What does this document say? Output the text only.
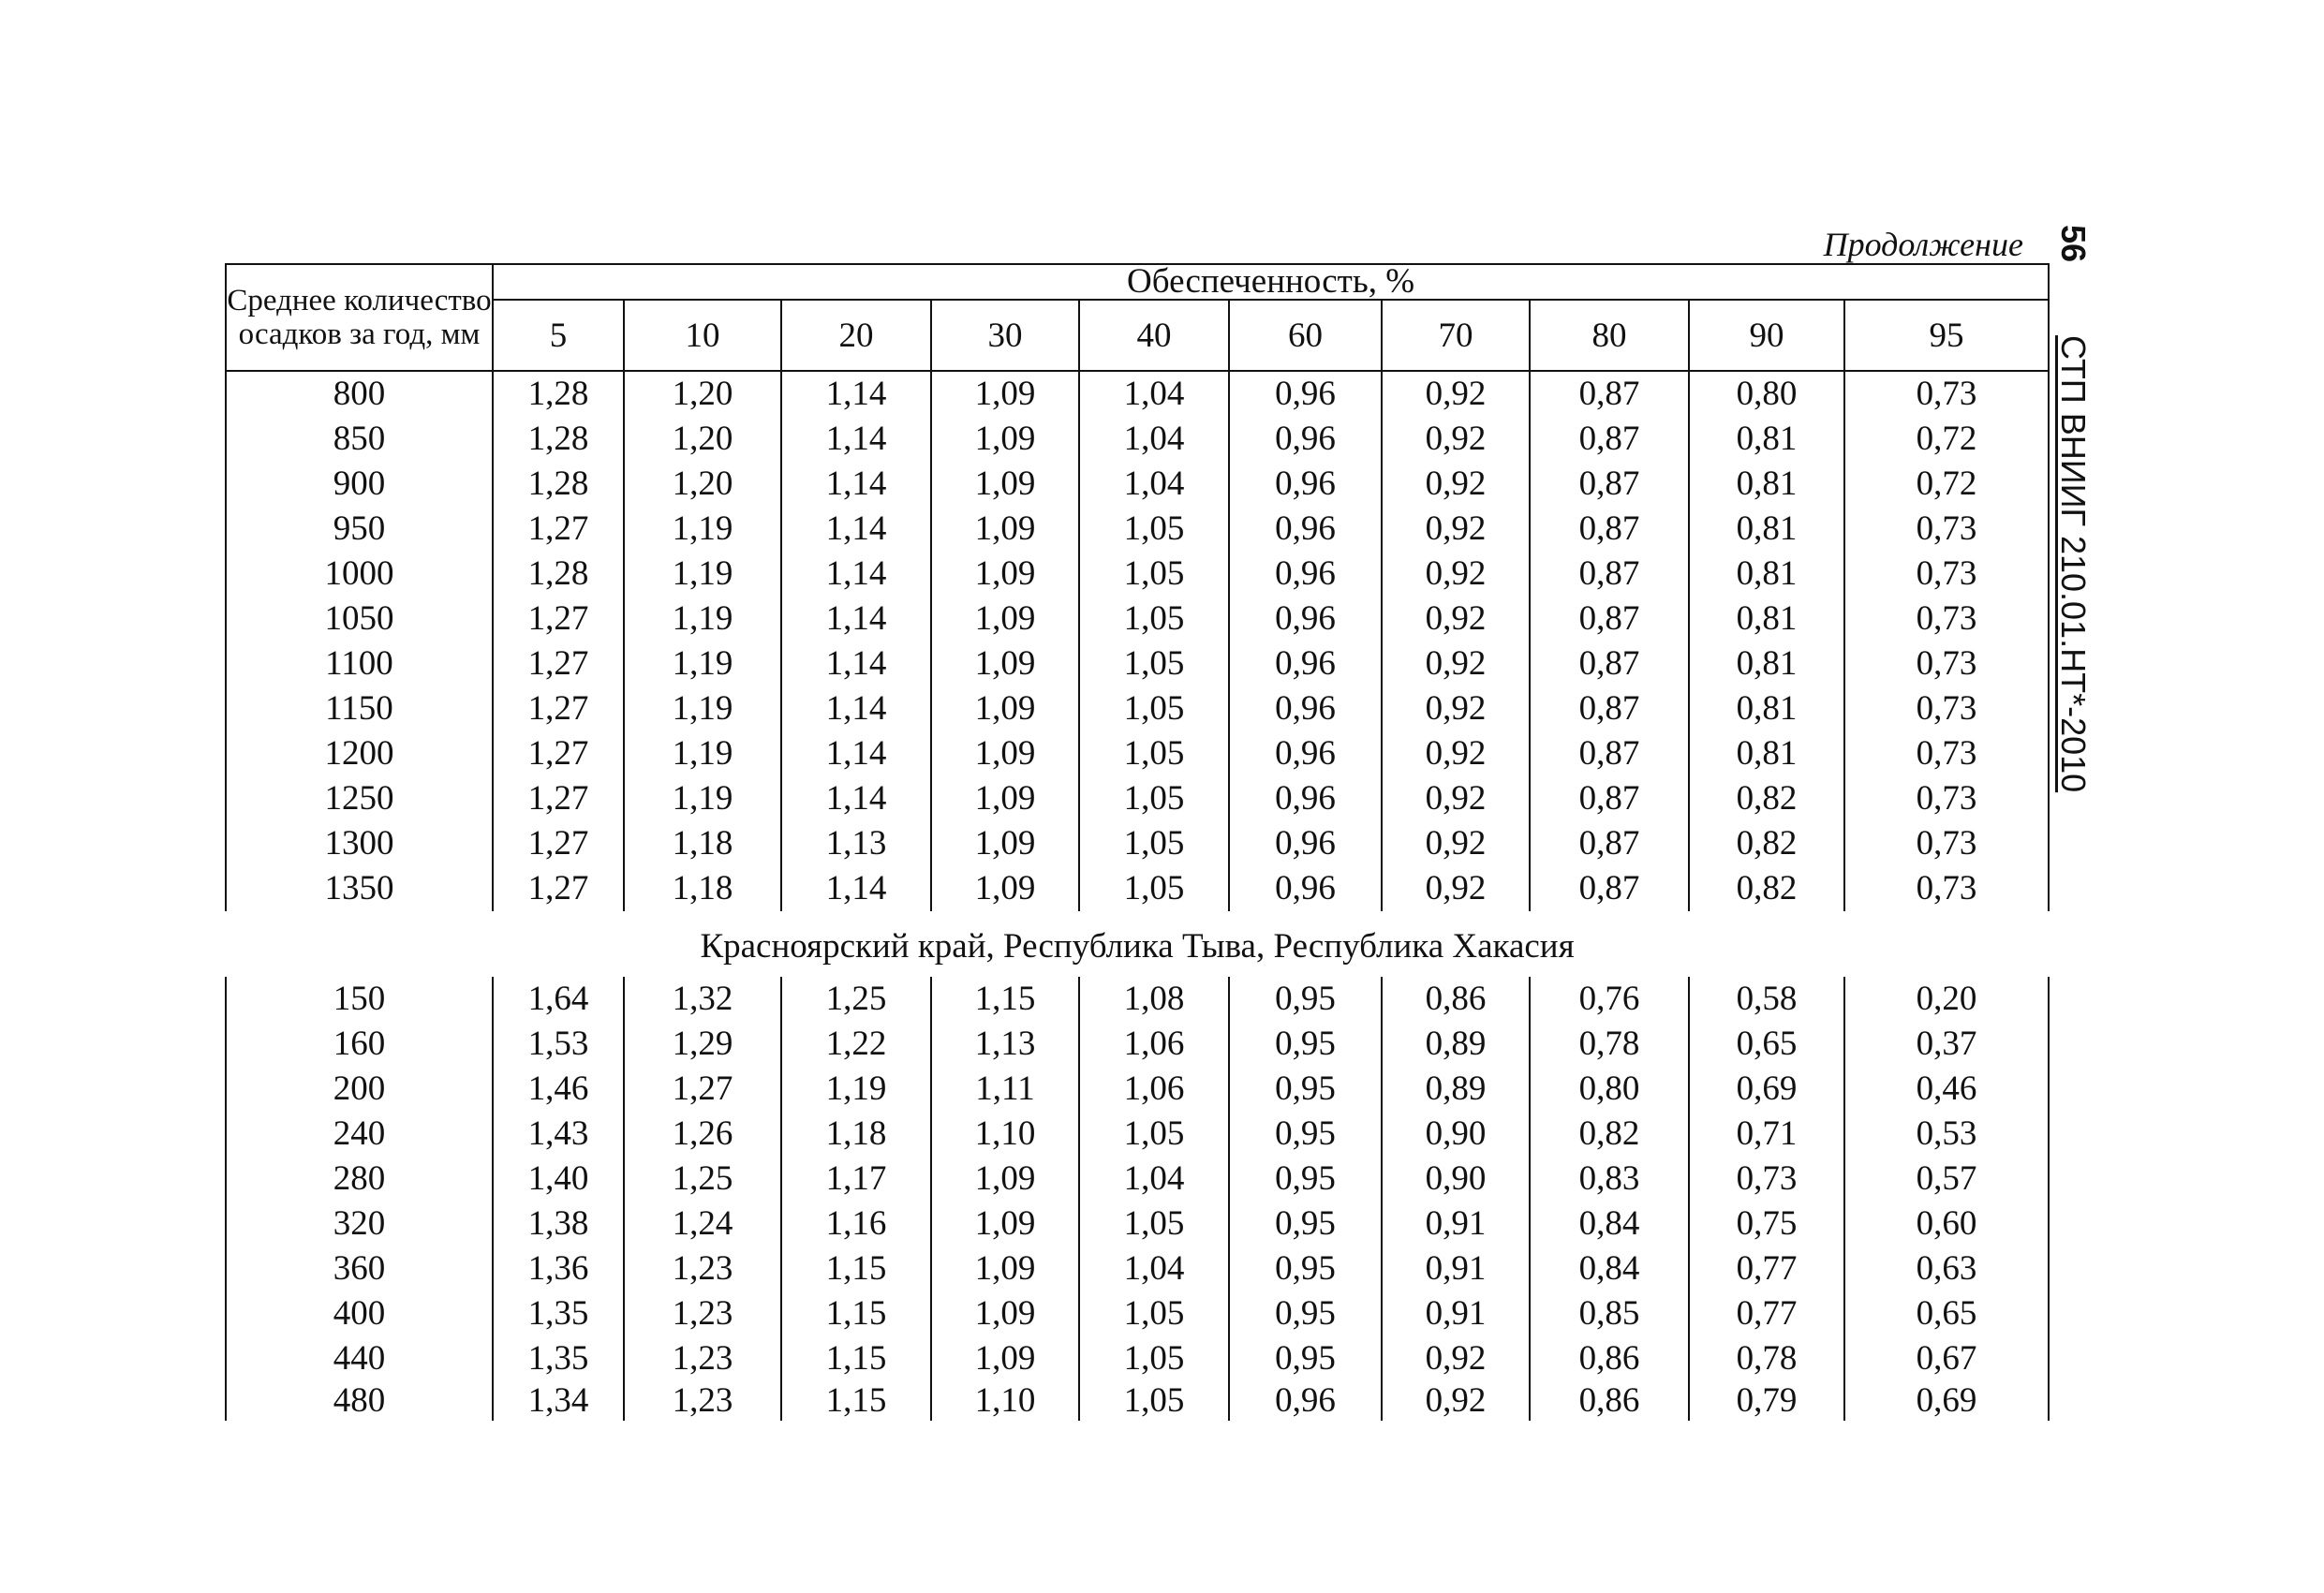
Продолжение 56СТП ВНИИГ 210.01.НТ*-2010
Среднее количество осадков за год, мм	Обеспеченность, %									
	5	10	20	30	40	60	70	80	90	95
800	1,28	1,20	1,14	1,09	1,04	0,96	0,92	0,87	0,80	0,73
850	1,28	1,20	1,14	1,09	1,04	0,96	0,92	0,87	0,81	0,72
900	1,28	1,20	1,14	1,09	1,04	0,96	0,92	0,87	0,81	0,72
950	1,27	1,19	1,14	1,09	1,05	0,96	0,92	0,87	0,81	0,73
1000	1,28	1,19	1,14	1,09	1,05	0,96	0,92	0,87	0,81	0,73
1050	1,27	1,19	1,14	1,09	1,05	0,96	0,92	0,87	0,81	0,73
1100	1,27	1,19	1,14	1,09	1,05	0,96	0,92	0,87	0,81	0,73
1150	1,27	1,19	1,14	1,09	1,05	0,96	0,92	0,87	0,81	0,73
1200	1,27	1,19	1,14	1,09	1,05	0,96	0,92	0,87	0,81	0,73
1250	1,27	1,19	1,14	1,09	1,05	0,96	0,92	0,87	0,82	0,73
1300	1,27	1,18	1,13	1,09	1,05	0,96	0,92	0,87	0,82	0,73
1350	1,27	1,18	1,14	1,09	1,05	0,96	0,92	0,87	0,82	0,73

Красноярский край, Республика Тыва, Республика Хакасия										
150	1,64	1,32	1,25	1,15	1,08	0,95	0,86	0,76	0,58	0,20
160	1,53	1,29	1,22	1,13	1,06	0,95	0,89	0,78	0,65	0,37
200	1,46	1,27	1,19	1,11	1,06	0,95	0,89	0,80	0,69	0,46
240	1,43	1,26	1,18	1,10	1,05	0,95	0,90	0,82	0,71	0,53
280	1,40	1,25	1,17	1,09	1,04	0,95	0,90	0,83	0,73	0,57
320	1,38	1,24	1,16	1,09	1,05	0,95	0,91	0,84	0,75	0,60
360	1,36	1,23	1,15	1,09	1,04	0,95	0,91	0,84	0,77	0,63
400	1,35	1,23	1,15	1,09	1,05	0,95	0,91	0,85	0,77	0,65
440	1,35	1,23	1,15	1,09	1,05	0,95	0,92	0,86	0,78	0,67
480	1,34	1,23	1,15	1,10	1,05	0,96	0,92	0,86	0,79	0,69
